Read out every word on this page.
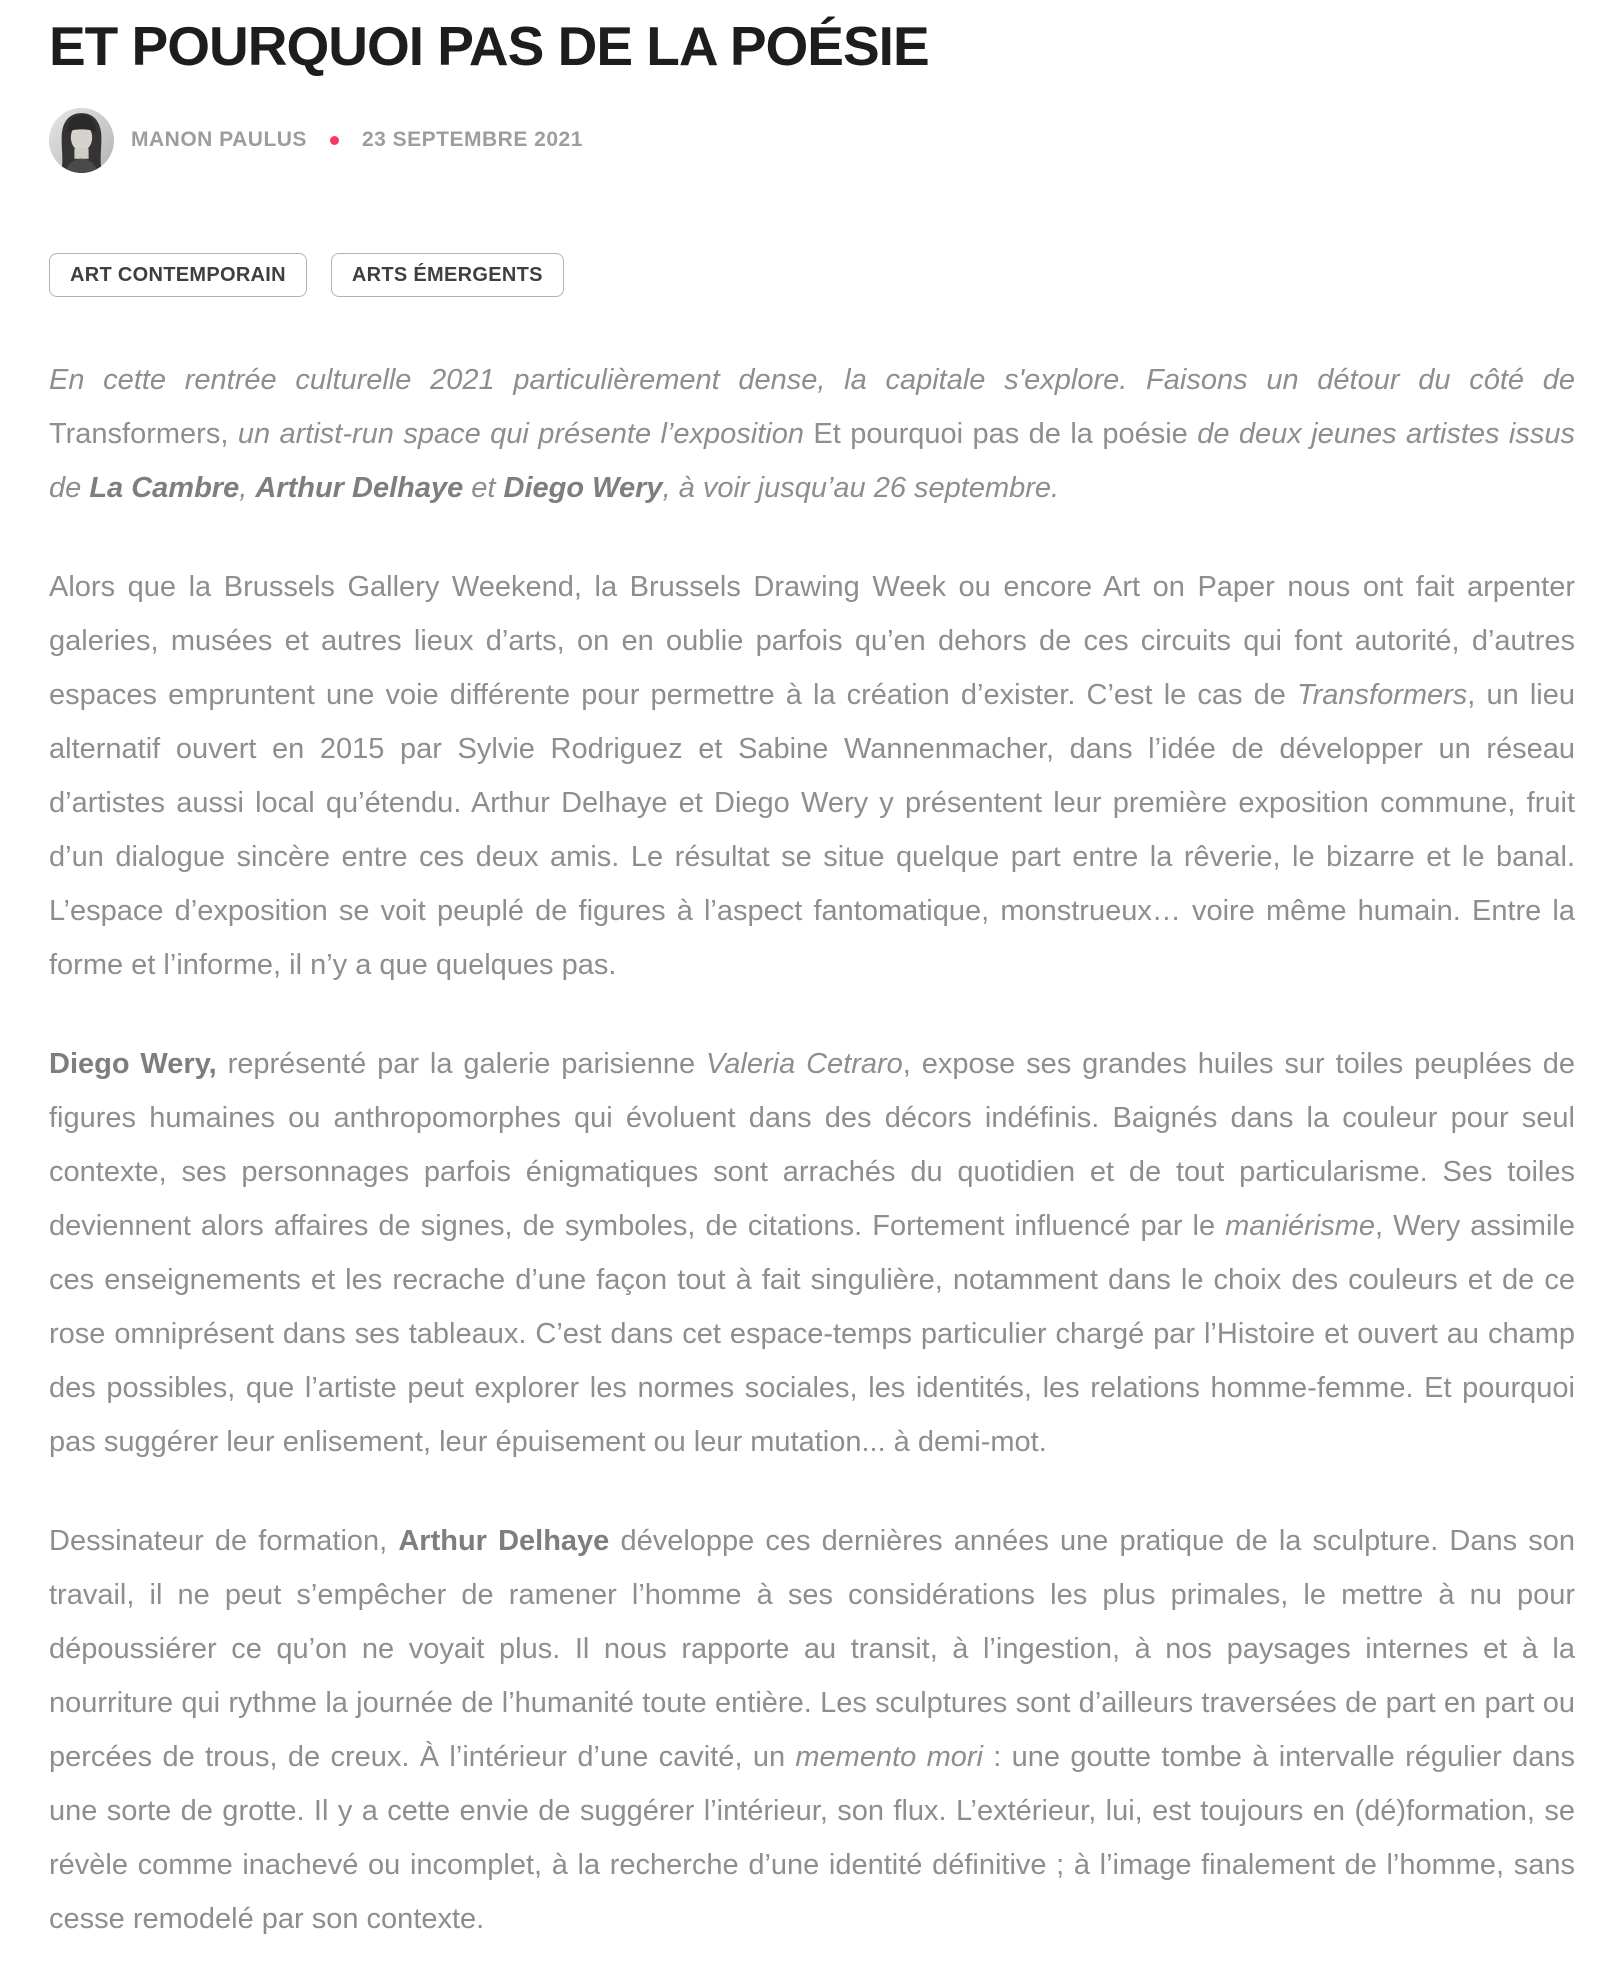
ET POURQUOI PAS DE LA POÉSIE
MANON PAULUS	23 SEPTEMBRE 2021
ART CONTEMPORAIN	ARTS ÉMERGENTS

En cette rentrée culturelle 2021 particulièrement dense, la capitale s'explore. Faisons un détour du côté de Transformers, un artist-run space qui présente l’exposition Et pourquoi pas de la poésie de deux jeunes artistes issus de La Cambre, Arthur Delhaye et Diego Wery, à voir jusqu’au 26 septembre.

Alors que la Brussels Gallery Weekend, la Brussels Drawing Week ou encore Art on Paper nous ont fait arpenter galeries, musées et autres lieux d’arts, on en oublie parfois qu’en dehors de ces circuits qui font autorité, d’autres espaces empruntent une voie différente pour permettre à la création d’exister. C’est le cas de Transformers, un lieu alternatif ouvert en 2015 par Sylvie Rodriguez et Sabine Wannenmacher, dans l’idée de développer un réseau d’artistes aussi local qu’étendu. Arthur Delhaye et Diego Wery y présentent leur première exposition commune, fruit d’un dialogue sincère entre ces deux amis. Le résultat se situe quelque part entre la rêverie, le bizarre et le banal. L’espace d’exposition se voit peuplé de figures à l’aspect fantomatique, monstrueux… voire même humain. Entre la forme et l’informe, il n’y a que quelques pas.

Diego Wery, représenté par la galerie parisienne Valeria Cetraro, expose ses grandes huiles sur toiles peuplées de figures humaines ou anthropomorphes qui évoluent dans des décors indéfinis. Baignés dans la couleur pour seul contexte, ses personnages parfois énigmatiques sont arrachés du quotidien et de tout particularisme. Ses toiles deviennent alors affaires de signes, de symboles, de citations. Fortement influencé par le maniérisme, Wery assimile ces enseignements et les recrache d’une façon tout à fait singulière, notamment dans le choix des couleurs et de ce rose omniprésent dans ses tableaux. C’est dans cet espace-temps particulier chargé par l’Histoire et ouvert au champ des possibles, que l’artiste peut explorer les normes sociales, les identités, les relations homme-femme. Et pourquoi pas suggérer leur enlisement, leur épuisement ou leur mutation... à demi-mot.

Dessinateur de formation, Arthur Delhaye développe ces dernières années une pratique de la sculpture. Dans son travail, il ne peut s’empêcher de ramener l’homme à ses considérations les plus primales, le mettre à nu pour dépoussiérer ce qu’on ne voyait plus. Il nous rapporte au transit, à l’ingestion, à nos paysages internes et à la nourriture qui rythme la journée de l’humanité toute entière. Les sculptures sont d’ailleurs traversées de part en part ou percées de trous, de creux. À l’intérieur d’une cavité, un memento mori : une goutte tombe à intervalle régulier dans une sorte de grotte. Il y a cette envie de suggérer l’intérieur, son flux. L’extérieur, lui, est toujours en (dé)formation, se révèle comme inachevé ou incomplet, à la recherche d’une identité définitive ; à l’image finalement de l’homme, sans cesse remodelé par son contexte.
